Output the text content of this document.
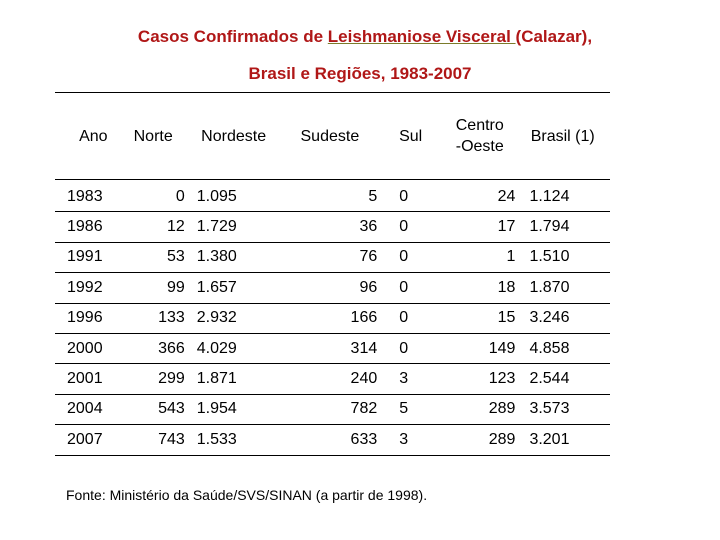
Casos Confirmados de Leishmaniose Visceral (Calazar),
Brasil e Regiões, 1983-2007
Ano	Norte	Nordeste	Sudeste	Sul	Centro
-Oeste	Brasil (1)
1983	0	1.095	5	0	24	1.124
1986	12	1.729	36	0	17	1.794
1991	53	1.380	76	0	1	1.510
1992	99	1.657	96	0	18	1.870
1996	133	2.932	166	0	15	3.246
2000	366	4.029	314	0	149	4.858
2001	299	1.871	240	3	123	2.544
2004	543	1.954	782	5	289	3.573
2007	743	1.533	633	3	289	3.201
Fonte: Ministério da Saúde/SVS/SINAN (a partir de 1998).
